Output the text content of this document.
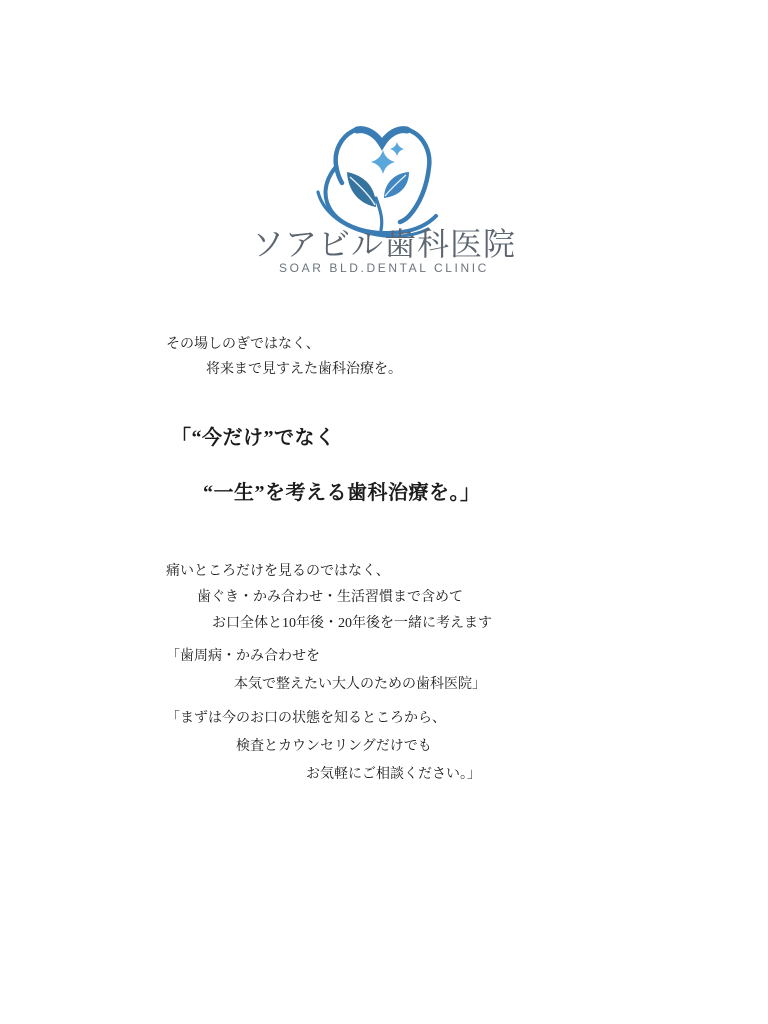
ソアビル歯科医院
SOAR BLD.DENTAL CLINIC
その場しのぎではなく、
将来まで見すえた歯科治療を。
「“今だけ”でなく
“一生”を考える歯科治療を。」
痛いところだけを見るのではなく、
歯ぐき・かみ合わせ・生活習慣まで含めて
お口全体と10年後・20年後を一緒に考えます
「歯周病・かみ合わせを
本気で整えたい大人のための歯科医院」
「まずは今のお口の状態を知るところから、
検査とカウンセリングだけでも
お気軽にご相談ください。」
